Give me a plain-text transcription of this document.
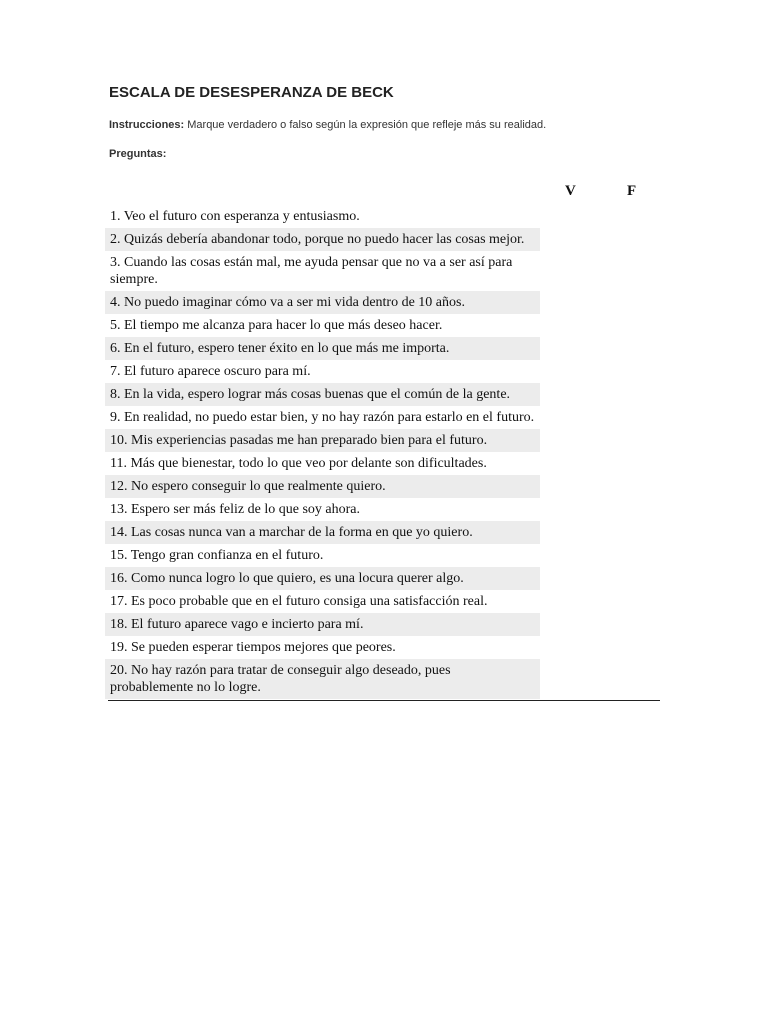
ESCALA DE DESESPERANZA DE BECK
Instrucciones: Marque verdadero o falso según la expresión que refleje más su realidad.
Preguntas:
V	F
1. Veo el futuro con esperanza y entusiasmo.
2. Quizás debería abandonar todo, porque no puedo hacer las cosas mejor.
3. Cuando las cosas están mal, me ayuda pensar que no va a ser así para siempre.
4. No puedo imaginar cómo va a ser mi vida dentro de 10 años.
5. El tiempo me alcanza para hacer lo que más deseo hacer.
6. En el futuro, espero tener éxito en lo que más me importa.
7. El futuro aparece oscuro para mí.
8. En la vida, espero lograr más cosas buenas que el común de la gente.
9. En realidad, no puedo estar bien, y no hay razón para estarlo en el futuro.
10. Mis experiencias pasadas me han preparado bien para el futuro.
11. Más que bienestar, todo lo que veo por delante son dificultades.
12. No espero conseguir lo que realmente quiero.
13. Espero ser más feliz de lo que soy ahora.
14. Las cosas nunca van a marchar de la forma en que yo quiero.
15. Tengo gran confianza en el futuro.
16. Como nunca logro lo que quiero, es una locura querer algo.
17. Es poco probable que en el futuro consiga una satisfacción real.
18. El futuro aparece vago e incierto para mí.
19. Se pueden esperar tiempos mejores que peores.
20. No hay razón para tratar de conseguir algo deseado, pues probablemente no lo logre.
